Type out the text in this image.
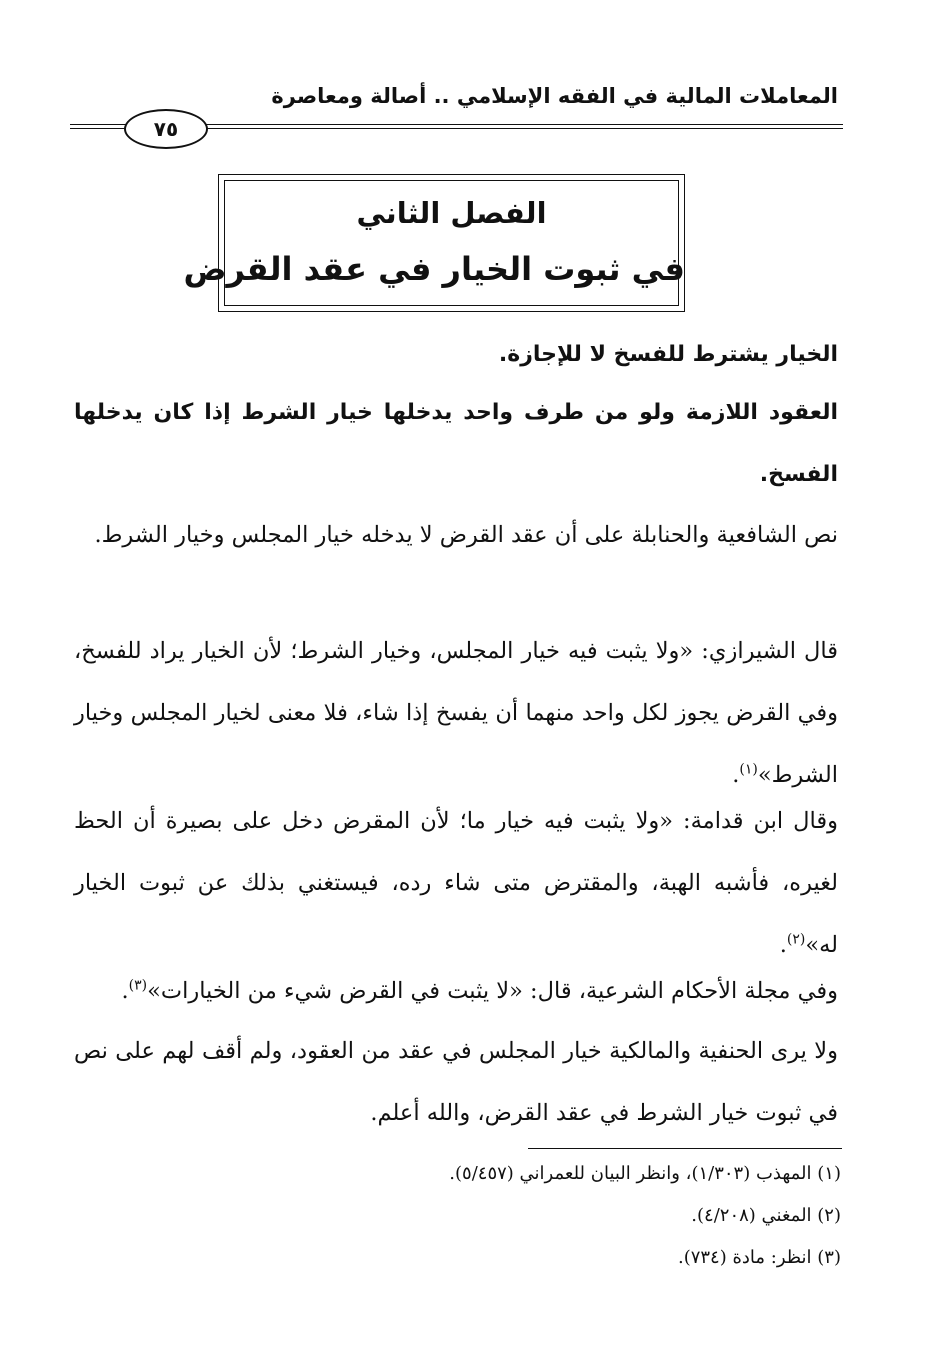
المعاملات المالية في الفقه الإسلامي .. أصالة ومعاصرة
٧٥
الفصل الثاني
في ثبوت الخيار في عقد القرض

الخيار يشترط للفسخ لا للإجازة.

العقود اللازمة ولو من طرف واحد يدخلها خيار الشرط إذا كان يدخلها الفسخ.

نص الشافعية والحنابلة على أن عقد القرض لا يدخله خيار المجلس وخيار الشرط.

قال الشيرازي: «ولا يثبت فيه خيار المجلس، وخيار الشرط؛ لأن الخيار يراد للفسخ، وفي القرض يجوز لكل واحد منهما أن يفسخ إذا شاء، فلا معنى لخيار المجلس وخيار الشرط»$^{(١)}$.

وقال ابن قدامة: «ولا يثبت فيه خيار ما؛ لأن المقرض دخل على بصيرة أن الحظ لغيره، فأشبه الهبة، والمقترض متى شاء رده، فيستغني بذلك عن ثبوت الخيار له»$^{(٢)}$.

وفي مجلة الأحكام الشرعية، قال: «لا يثبت في القرض شيء من الخيارات»$^{(٣)}$.

ولا يرى الحنفية والمالكية خيار المجلس في عقد من العقود، ولم أقف لهم على نص في ثبوت خيار الشرط في عقد القرض، والله أعلم.

(١) المهذب (١/٣٠٣)، وانظر البيان للعمراني (٥/٤٥٧).
(٢) المغني (٤/٢٠٨).
(٣) انظر: مادة (٧٣٤).
